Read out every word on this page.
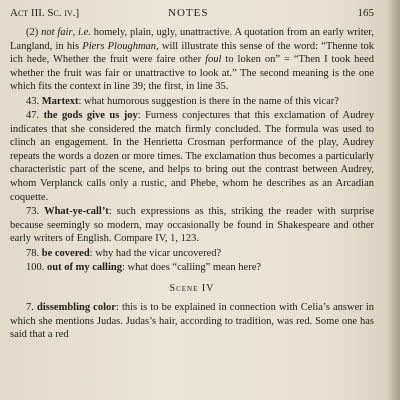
Act III. Sc. iv.]	NOTES	165

(2) not fair, i.e. homely, plain, ugly, unattractive. A quotation from an early writer, Langland, in his Piers Ploughman, will illustrate this sense of the word: “Thenne tok ich hede, Whether the fruit were faire other foul to loken on” = “Then I took heed whether the fruit was fair or unattractive to look at.” The second meaning is the one which fits the context in line 39; the first, in line 35.

43. Martext: what humorous suggestion is there in the name of this vicar?

47. the gods give us joy: Furness conjectures that this exclamation of Audrey indicates that she considered the match firmly concluded. The formula was used to clinch an engagement. In the Henrietta Crosman performance of the play, Audrey repeats the words a dozen or more times. The exclamation thus becomes a particularly characteristic part of the scene, and helps to bring out the contrast between Audrey, whom Verplanck calls only a rustic, and Phebe, whom he describes as an Arcadian coquette.

73. What-ye-call’t: such expressions as this, striking the reader with surprise because seemingly so modern, may occasionally be found in Shakespeare and other early writers of English. Compare IV, 1, 123.

78. be covered: why had the vicar uncovered?

100. out of my calling: what does “calling” mean here?

Scene IV

7. dissembling color: this is to be explained in connection with Celia’s answer in which she mentions Judas. Judas’s hair, according to tradition, was red. Some one has said that a red
